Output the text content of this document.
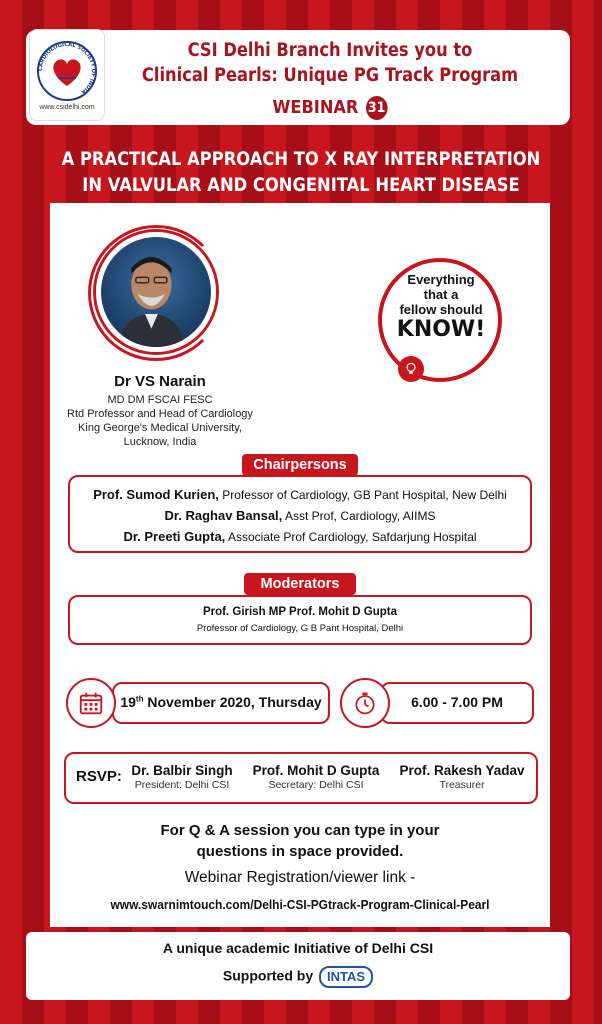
CARDIOLOGICAL SOCIETY OF INDIA
www.csidelhi.com
CSI Delhi Branch Invites you to
Clinical Pearls: Unique PG Track Program
WEBINAR 31
A PRACTICAL APPROACH TO X RAY INTERPRETATION
IN VALVULAR AND CONGENITAL HEART DISEASE
Dr VS Narain
MD DM FSCAI FESC
Rtd Professor and Head of Cardiology
King George's Medical University,
Lucknow, India
Everything
that a
fellow should
KNOW!
Chairpersons
Prof. Sumod Kurien, Professor of Cardiology, GB Pant Hospital, New Delhi
Dr. Raghav Bansal, Asst Prof, Cardiology, AIIMS
Dr. Preeti Gupta, Associate Prof Cardiology, Safdarjung Hospital
Moderators
Prof. Girish MP Prof. Mohit D Gupta
Professor of Cardiology, G B Pant Hospital, Delhi
19th November 2020, Thursday	6.00 - 7.00 PM
RSVP: Dr. Balbir Singh
President: Delhi CSI
Prof. Mohit D Gupta
Secretary: Delhi CSI
Prof. Rakesh Yadav
Treasurer
For Q & A session you can type in your
questions in space provided.
Webinar Registration/viewer link -
www.swarnimtouch.com/Delhi-CSI-PGtrack-Program-Clinical-Pearl
A unique academic Initiative of Delhi CSI
Supported by INTAS
